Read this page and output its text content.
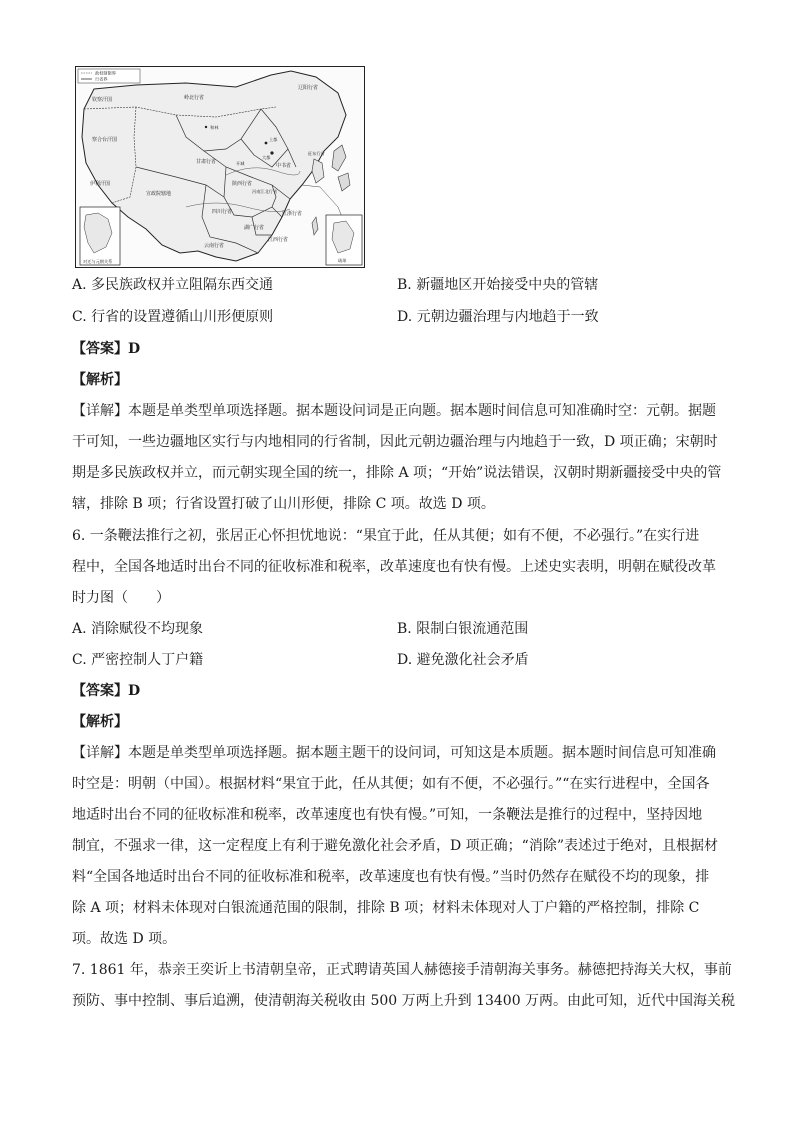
政权辖限界
行省界
对迁与元朝关系	琉球
钦察汗国	岭北行省
辽阳行省
察合台汗国
和林
上都
大都
甘肃行省
陕西行省
中书省
河南江北行省
伊利汗国
宣政院辖地
四川行省	江浙行省
湖广行省
江西行省
云南行省
征东行省
开城
A. 多民族政权并立阻隔东西交通	B. 新疆地区开始接受中央的管辖
C. 行省的设置遵循山川形便原则	D. 元朝边疆治理与内地趋于一致
【答案】D
【解析】
【详解】本题是单类型单项选择题。据本题设问词是正向题。据本题时间信息可知准确时空：元朝。据题
干可知，一些边疆地区实行与内地相同的行省制，因此元朝边疆治理与内地趋于一致，D 项正确；宋朝时
期是多民族政权并立，而元朝实现全国的统一，排除 A 项；“开始”说法错误，汉朝时期新疆接受中央的管
辖，排除 B 项；行省设置打破了山川形便，排除 C 项。故选 D 项。
6. 一条鞭法推行之初，张居正心怀担忧地说：“果宜于此，任从其便；如有不便，不必强行。”在实行进
程中，全国各地适时出台不同的征收标准和税率，改革速度也有快有慢。上述史实表明，明朝在赋役改革
时力图（　　）
A. 消除赋役不均现象	B. 限制白银流通范围
C. 严密控制人丁户籍	D. 避免激化社会矛盾
【答案】D
【解析】
【详解】本题是单类型单项选择题。据本题主题干的设问词，可知这是本质题。据本题时间信息可知准确
时空是：明朝（中国）。根据材料“果宜于此，任从其便；如有不便，不必强行。”“在实行进程中，全国各
地适时出台不同的征收标准和税率，改革速度也有快有慢。”可知，一条鞭法是推行的过程中，坚持因地
制宜，不强求一律，这一定程度上有利于避免激化社会矛盾，D 项正确；“消除”表述过于绝对，且根据材
料“全国各地适时出台不同的征收标准和税率，改革速度也有快有慢。”当时仍然存在赋役不均的现象，排
除 A 项；材料未体现对白银流通范围的限制，排除 B 项；材料未体现对人丁户籍的严格控制，排除 C
项。故选 D 项。
7. 1861 年，恭亲王奕䜣上书清朝皇帝，正式聘请英国人赫德接手清朝海关事务。赫德把持海关大权，事前
预防、事中控制、事后追溯，使清朝海关税收由 500 万两上升到 13400 万两。由此可知，近代中国海关税
